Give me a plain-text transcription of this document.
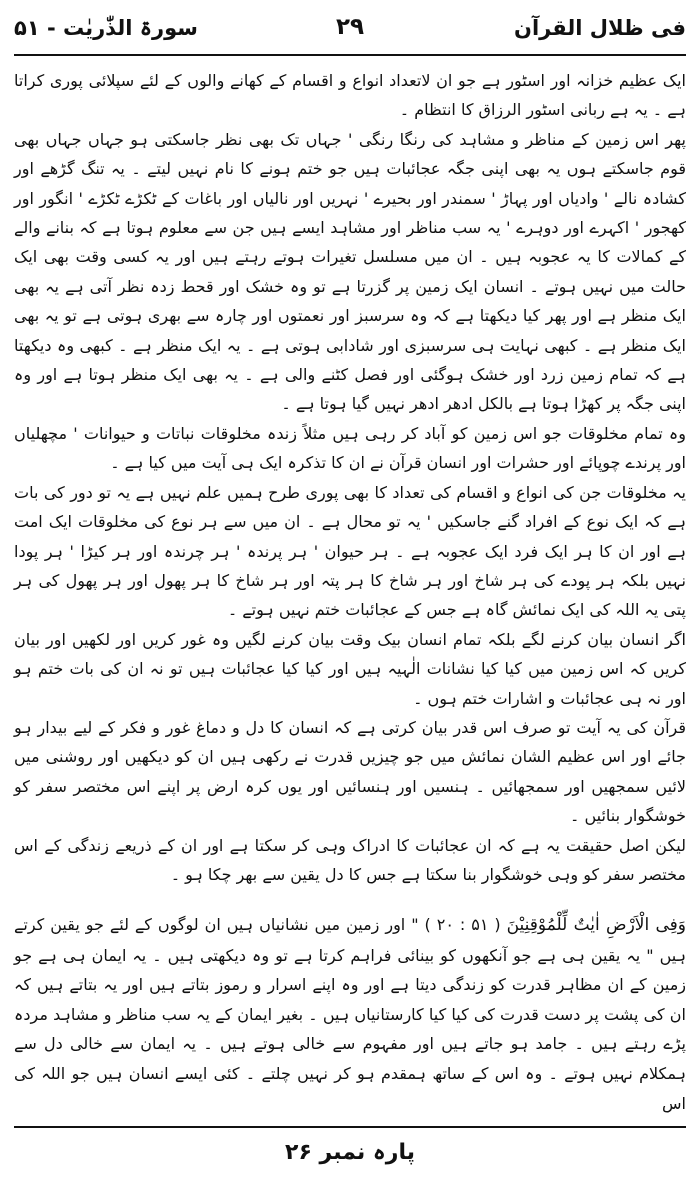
فی ظلال القرآن
۲۹
سورۃ الذّٰریٰت - ۵۱

ایک عظیم خزانہ اور اسٹور ہے جو ان لاتعداد انواع و اقسام کے کھانے والوں کے لئے سپلائی پوری کراتا ہے ۔ یہ ہے ربانی اسٹور الرزاق کا انتظام ۔

پھر اس زمین کے مناظر و مشاہد کی رنگا رنگی ' جہاں تک بھی نظر جاسکتی ہو جہاں جہاں بھی قوم جاسکتے ہوں یہ بھی اپنی جگہ عجائبات ہیں جو ختم ہونے کا نام نہیں لیتے ۔ یہ تنگ گڑھے اور کشادہ نالے ' وادیاں اور پہاڑ ' سمندر اور بحیرے ' نہریں اور نالیاں اور باغات کے ٹکڑے ٹکڑے ' انگور اور کھجور ' اکہرے اور دوہرے ' یہ سب مناظر اور مشاہد ایسے ہیں جن سے معلوم ہوتا ہے کہ بنانے والے کے کمالات کا یہ عجوبہ ہیں ۔ ان میں مسلسل تغیرات ہوتے رہتے ہیں اور یہ کسی وقت بھی ایک حالت میں نہیں ہوتے ۔ انسان ایک زمین پر گزرتا ہے تو وہ خشک اور قحط زدہ نظر آتی ہے یہ بھی ایک منظر ہے اور پھر کیا دیکھتا ہے کہ وہ سرسبز اور نعمتوں اور چارہ سے بھری ہوتی ہے تو یہ بھی ایک منظر ہے ۔ کبھی نہایت ہی سرسبزی اور شادابی ہوتی ہے ۔ یہ ایک منظر ہے ۔ کبھی وہ دیکھتا ہے کہ تمام زمین زرد اور خشک ہوگئی اور فصل کٹنے والی ہے ۔ یہ بھی ایک منظر ہوتا ہے اور وہ اپنی جگہ پر کھڑا ہوتا ہے بالکل ادھر ادھر نہیں گیا ہوتا ہے ۔

وہ تمام مخلوقات جو اس زمین کو آباد کر رہی ہیں مثلاً زندہ مخلوقات نباتات و حیوانات ' مچھلیاں اور پرندے چوپائے اور حشرات اور انسان قرآن نے ان کا تذکرہ ایک ہی آیت میں کیا ہے ۔

یہ مخلوقات جن کی انواع و اقسام کی تعداد کا بھی پوری طرح ہمیں علم نہیں ہے یہ تو دور کی بات ہے کہ ایک نوع کے افراد گنے جاسکیں ' یہ تو محال ہے ۔ ان میں سے ہر نوع کی مخلوقات ایک امت ہے اور ان کا ہر ایک فرد ایک عجوبہ ہے ۔ ہر حیوان ' ہر پرندہ ' ہر چرندہ اور ہر کیڑا ' ہر پودا نہیں بلکہ ہر پودے کی ہر شاخ اور ہر شاخ کا ہر پتہ اور ہر شاخ کا ہر پھول اور ہر پھول کی ہر پتی یہ اللہ کی ایک نمائش گاہ ہے جس کے عجائبات ختم نہیں ہوتے ۔

اگر انسان بیان کرنے لگے بلکہ تمام انسان بیک وقت بیان کرنے لگیں وہ غور کریں اور لکھیں اور بیان کریں کہ اس زمین میں کیا کیا نشانات الٰہیہ ہیں اور کیا کیا عجائبات ہیں تو نہ ان کی بات ختم ہو اور نہ ہی عجائبات و اشارات ختم ہوں ۔

قرآن کی یہ آیت تو صرف اس قدر بیان کرتی ہے کہ انسان کا دل و دماغ غور و فکر کے لیے بیدار ہو جائے اور اس عظیم الشان نمائش میں جو چیزیں قدرت نے رکھی ہیں ان کو دیکھیں اور روشنی میں لائیں سمجھیں اور سمجھائیں ۔ ہنسیں اور ہنسائیں اور یوں کرہ ارض پر اپنے اس مختصر سفر کو خوشگوار بنائیں ۔

لیکن اصل حقیقت یہ ہے کہ ان عجائبات کا ادراک وہی کر سکتا ہے اور ان کے ذریعے زندگی کے اس مختصر سفر کو وہی خوشگوار بنا سکتا ہے جس کا دل یقین سے بھر چکا ہو ۔

وَفِی الْاَرْضِ اٰیٰتٌ لِّلْمُوْقِنِیْنَ ( ۵۱ : ۲۰ ) " اور زمین میں نشانیاں ہیں ان لوگوں کے لئے جو یقین کرتے ہیں " یہ یقین ہی ہے جو آنکھوں کو بینائی فراہم کرتا ہے تو وہ دیکھتی ہیں ۔ یہ ایمان ہی ہے جو زمین کے ان مظاہر قدرت کو زندگی دیتا ہے اور وہ اپنے اسرار و رموز بتاتے ہیں اور یہ بتاتے ہیں کہ ان کی پشت پر دست قدرت کی کیا کیا کارستانیاں ہیں ۔ بغیر ایمان کے یہ سب مناظر و مشاہد مردہ پڑے رہتے ہیں ۔ جامد ہو جاتے ہیں اور مفہوم سے خالی ہوتے ہیں ۔ یہ ایمان سے خالی دل سے ہمکلام نہیں ہوتے ۔ وہ اس کے ساتھ ہمقدم ہو کر نہیں چلتے ۔ کئی ایسے انسان ہیں جو اللہ کی اس
پارہ نمبر ۲۶
